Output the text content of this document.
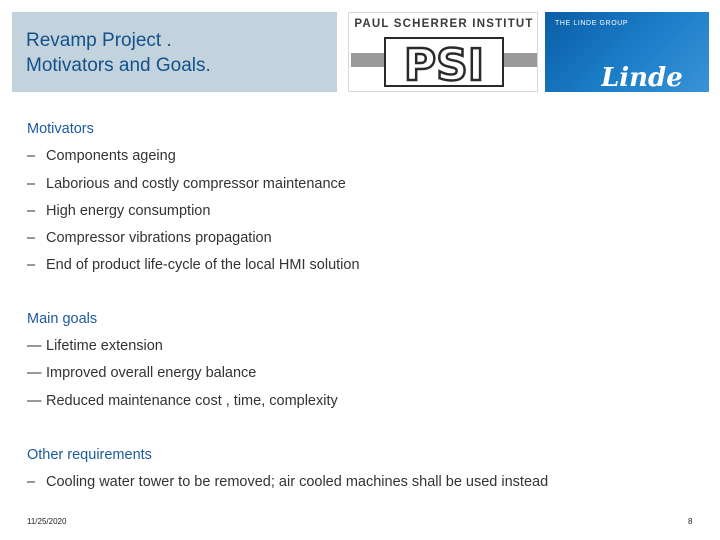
Revamp Project .
Motivators and Goals.
PAUL SCHERRER INSTITUT
PSI
THE LINDE GROUP
Linde
Motivators
– Components ageing
– Laborious and costly compressor maintenance
– High energy consumption
– Compressor vibrations propagation
– End of product life-cycle of the local HMI solution
Main goals
— Lifetime extension
— Improved overall energy balance
— Reduced maintenance cost , time, complexity
Other requirements
– Cooling water tower to be removed; air cooled machines shall be used instead
11/25/2020	8
